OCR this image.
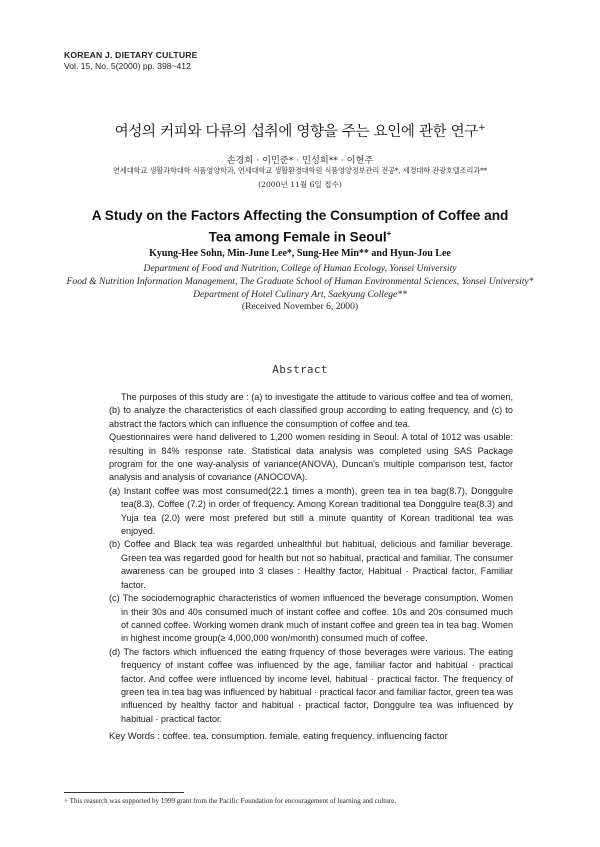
KOREAN J. DIETARY CULTURE
Vol. 15, No. 5(2000) pp. 398~412
여성의 커피와 다류의 섭취에 영향을 주는 요인에 관한 연구+
손경희 · 이민준* · 민성희** · 이현주
연세대학교 생활과학대학 식품영양학과, 연세대학교 생활환경대학원 식품영양정보관리 전공*, 세경대학 관광호텔조리과**
(2000년 11월 6일 접수)
A Study on the Factors Affecting the Consumption of Coffee and
Tea among Female in Seoul+
Kyung-Hee Sohn, Min-June Lee*, Sung-Hee Min** and Hyun-Jou Lee
Department of Food and Nutrition, College of Human Ecology, Yonsei University
Food & Nutrition Information Management, The Graduate School of Human Environmental Sciences, Yonsei University*
Department of Hotel Culinary Art, Saekyung College**
(Received November 6, 2000)
Abstract

The purposes of this study are : (a) to investigate the attitude to various coffee and tea of women, (b) to analyze the characteristics of each classified group according to eating frequency, and (c) to abstract the factors which can influence the consumption of coffee and tea.

Questionnaires were hand delivered to 1,200 women residing in Seoul. A total of 1012 was usable: resulting in 84% response rate. Statistical data analysis was completed using SAS Package program for the one way-analysis of variance(ANOVA), Duncan's multiple comparison test, factor analysis and analysis of covariance (ANOCOVA).

(a) Instant coffee was most consumed(22.1 times a month), green tea in tea bag(8.7), Donggulre tea(8.3), Coffee (7.2) in order of frequency. Among Korean traditional tea Donggulre tea(8.3) and Yuja tea (2.0) were most prefered but still a minute quantity of Korean traditional tea was enjoyed.

(b) Coffee and Black tea was regarded unhealthful but habitual, delicious and familiar beverage. Green tea was regarded good for health but not so habitual, practical and familiar. The consumer awareness can be grouped into 3 clases : Healthy factor, Habitual · Practical factor, Familiar factor.

(c) The sociodemographic characteristics of women influenced the beverage consumption. Women in their 30s and 40s consumed much of instant coffee and coffee. 10s and 20s consumed much of canned coffee. Working women drank much of instant coffee and green tea in tea bag. Women in highest income group(≥ 4,000,000 won/month) consumed much of coffee.

(d) The factors which influenced the eating frquency of those beverages were various. The eating frequency of instant coffee was influenced by the age, familiar factor and habitual · practical factor. And coffee were influenced by income level, habitual · practical factor. The frequency of green tea in tea bag was influenced by habitual · practical facor and familiar factor, green tea was influenced by healthy factor and habitual · practical factor, Donggulre tea was influenced by habitual · practical factor.

Key Words : coffee. tea. consumption. female. eating frequency. influencing factor

+ This reaserch was supported by 1999 grant from the Pacific Foundation for encouragement of learning and culture.
